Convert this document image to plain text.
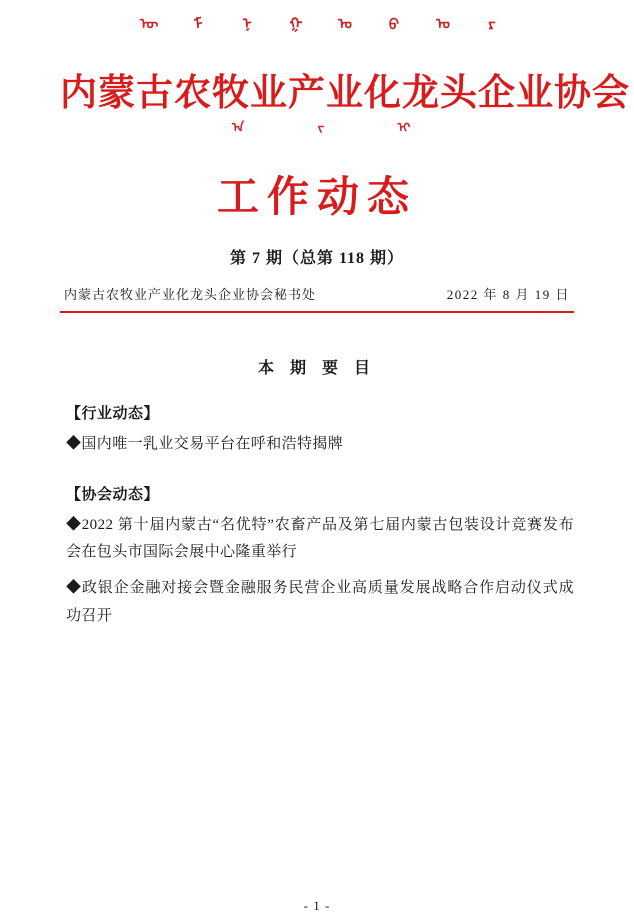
ᠦ ᠮ ᠨ ᠭ ᠣ ᠪ ᠣ ᠷ
内蒙古农牧业产业化龙头企业协会
ᠠ	ᠵ	ᠢ
工作动态
第 7 期（总第 118 期）
内蒙古农牧业产业化龙头企业协会秘书处	2022 年 8 月 19 日
本 期 要 目
【行业动态】
◆国内唯一乳业交易平台在呼和浩特揭牌
【协会动态】
◆2022 第十届内蒙古“名优特”农畜产品及第七届内蒙古包装设计竞赛发布会在包头市国际会展中心隆重举行
◆政银企金融对接会暨金融服务民营企业高质量发展战略合作启动仪式成功召开
- 1 -
